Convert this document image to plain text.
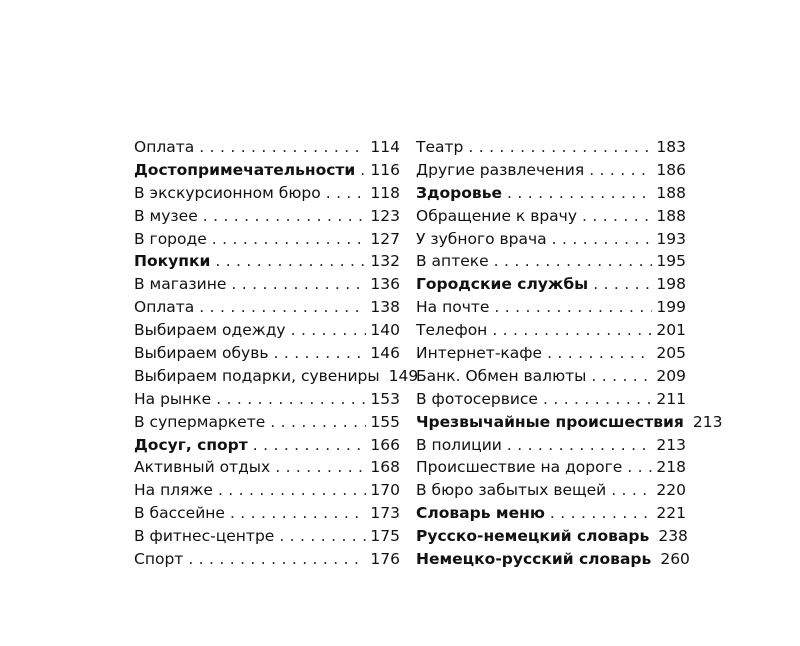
Оплата . . .	114
Достопримечательности . . . 116
В экскурсионном бюро . . .	118
В музее . . .	123
В городе . . .	127
Покупки . . .	132
В магазине . . .	136
Оплата . . .	138
Выбираем одежду . . .	140
Выбираем обувь . . .	146
Выбираем подарки, сувениры 149
На рынке . . .	153
В супермаркете . . .	155
Досуг, спорт . . .	166
Активный отдых . . .	168
На пляже . . .	170
В бассейне . . .	173
В фитнес-центре . . .	175
Спорт . . .	176
Театр . . .	183
Другие развлечения . . .	186
Здоровье . . .	188
Обращение к врачу . . .	188
У зубного врача . . .	193
В аптеке . . .	195
Городские службы . . .	198
На почте . . .	199
Телефон . . .	201
Интернет-кафе . . .	205
Банк. Обмен валюты . . .	209
В фотосервисе . . .	211
Чрезвычайные происшествия 213
В полиции . . .	213
Происшествие на дороге . . . 218
В бюро забытых вещей . . .	220
Словарь меню . . .	221
Русско-немецкий словарь 238
Немецко-русский словарь 260
